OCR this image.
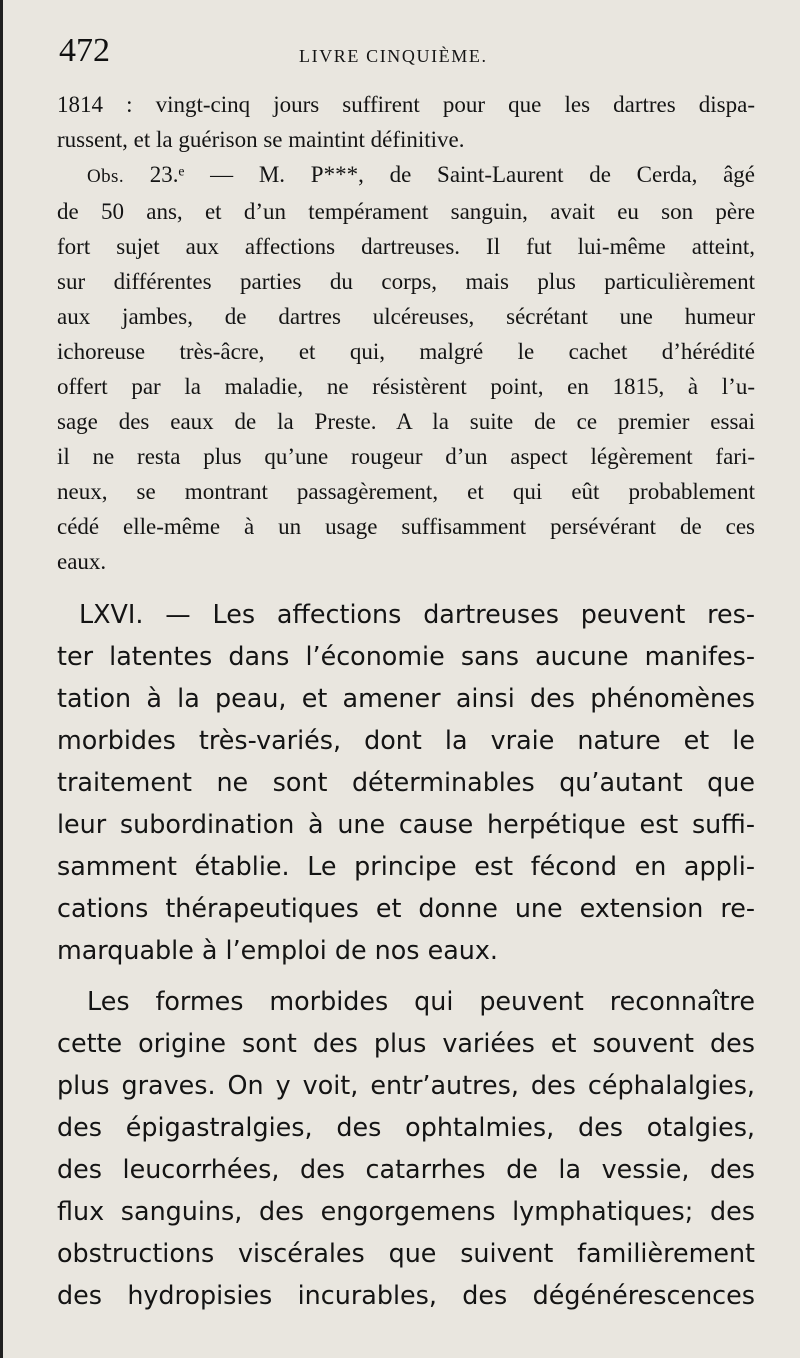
472	LIVRE CINQUIÈME.
1814 : vingt-cinq jours suffirent pour que les dartres dispa-
russent, et la guérison se maintint définitive.
Obs. 23.ᵉ — M. P***, de Saint-Laurent de Cerda, âgé
de 50 ans, et d’un tempérament sanguin, avait eu son père
fort sujet aux affections dartreuses. Il fut lui-même atteint,
sur différentes parties du corps, mais plus particulièrement
aux jambes, de dartres ulcéreuses, sécrétant une humeur
ichoreuse très-âcre, et qui, malgré le cachet d’hérédité
offert par la maladie, ne résistèrent point, en 1815, à l’u-
sage des eaux de la Preste. A la suite de ce premier essai
il ne resta plus qu’une rougeur d’un aspect légèrement fari-
neux, se montrant passagèrement, et qui eût probablement
cédé elle-même à un usage suffisamment persévérant de ces
eaux.
LXVI. — Les affections dartreuses peuvent res-
ter latentes dans l’économie sans aucune manifes-
tation à la peau, et amener ainsi des phénomènes
morbides très-variés, dont la vraie nature et le
traitement ne sont déterminables qu’autant que
leur subordination à une cause herpétique est suffi-
samment établie. Le principe est fécond en appli-
cations thérapeutiques et donne une extension re-
marquable à l’emploi de nos eaux.
Les formes morbides qui peuvent reconnaître
cette origine sont des plus variées et souvent des
plus graves. On y voit, entr’autres, des céphalalgies,
des épigastralgies, des ophtalmies, des otalgies,
des leucorrhées, des catarrhes de la vessie, des
flux sanguins, des engorgemens lymphatiques; des
obstructions viscérales que suivent familièrement
des hydropisies incurables, des dégénérescences
